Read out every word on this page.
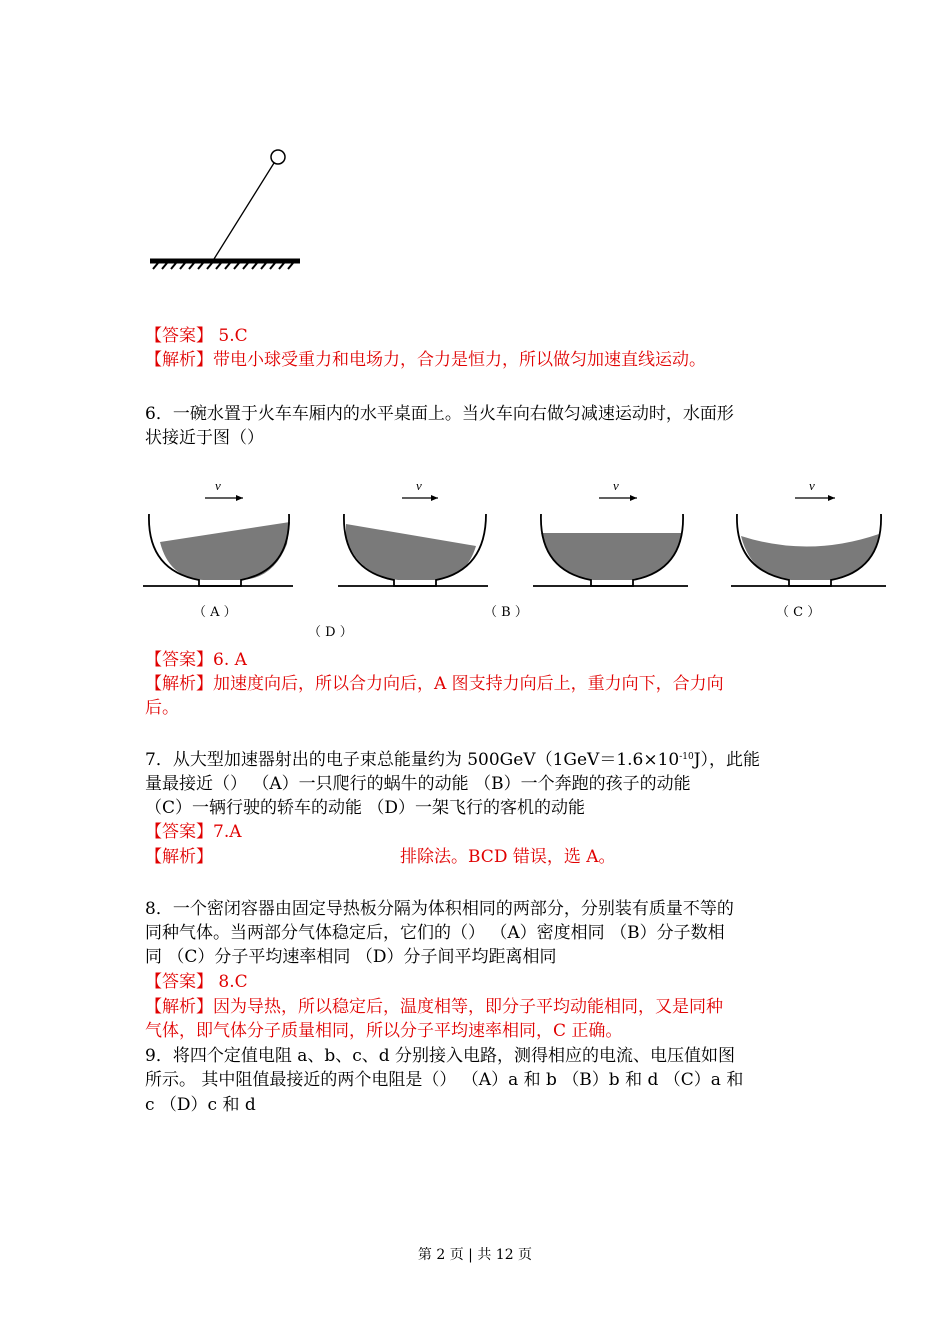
【答案】 5.C
【解析】带电小球受重力和电场力，合力是恒力，所以做匀加速直线运动。
6．一碗水置于火车车厢内的水平桌面上。当火车向右做匀减速运动时，水面形
状接近于图（）
v	v	v	v
（ A ）	（ B ）	（ C ）
（ D ）
【答案】6. A
【解析】加速度向后，所以合力向后，A 图支持力向后上，重力向下，合力向
后。
7．从大型加速器射出的电子束总能量约为 $500GeV(1GeV=1.6\times 10^{-10}J)$，此能
量最接近（） （A）一只爬行的蜗牛的动能 （B）一个奔跑的孩子的动能
（C）一辆行驶的轿车的动能 （D）一架飞行的客机的动能
【答案】7.A
【解析】	排除法。BCD 错误，选 A。
8．一个密闭容器由固定导热板分隔为体积相同的两部分，分别装有质量不等的
同种气体。当两部分气体稳定后，它们的（） （A）密度相同 （B）分子数相
同 （C）分子平均速率相同 （D）分子间平均距离相同
【答案】 8.C
【解析】因为导热，所以稳定后，温度相等，即分子平均动能相同，又是同种
气体，即气体分子质量相同，所以分子平均速率相同，C 正确。
9．将四个定值电阻 a、b、c、d 分别接入电路，测得相应的电流、电压值如图
所示。 其中阻值最接近的两个电阻是（） （A）a 和 b （B）b 和 d （C）a 和
c （D）c 和 d
第 2 页 | 共 12 页
